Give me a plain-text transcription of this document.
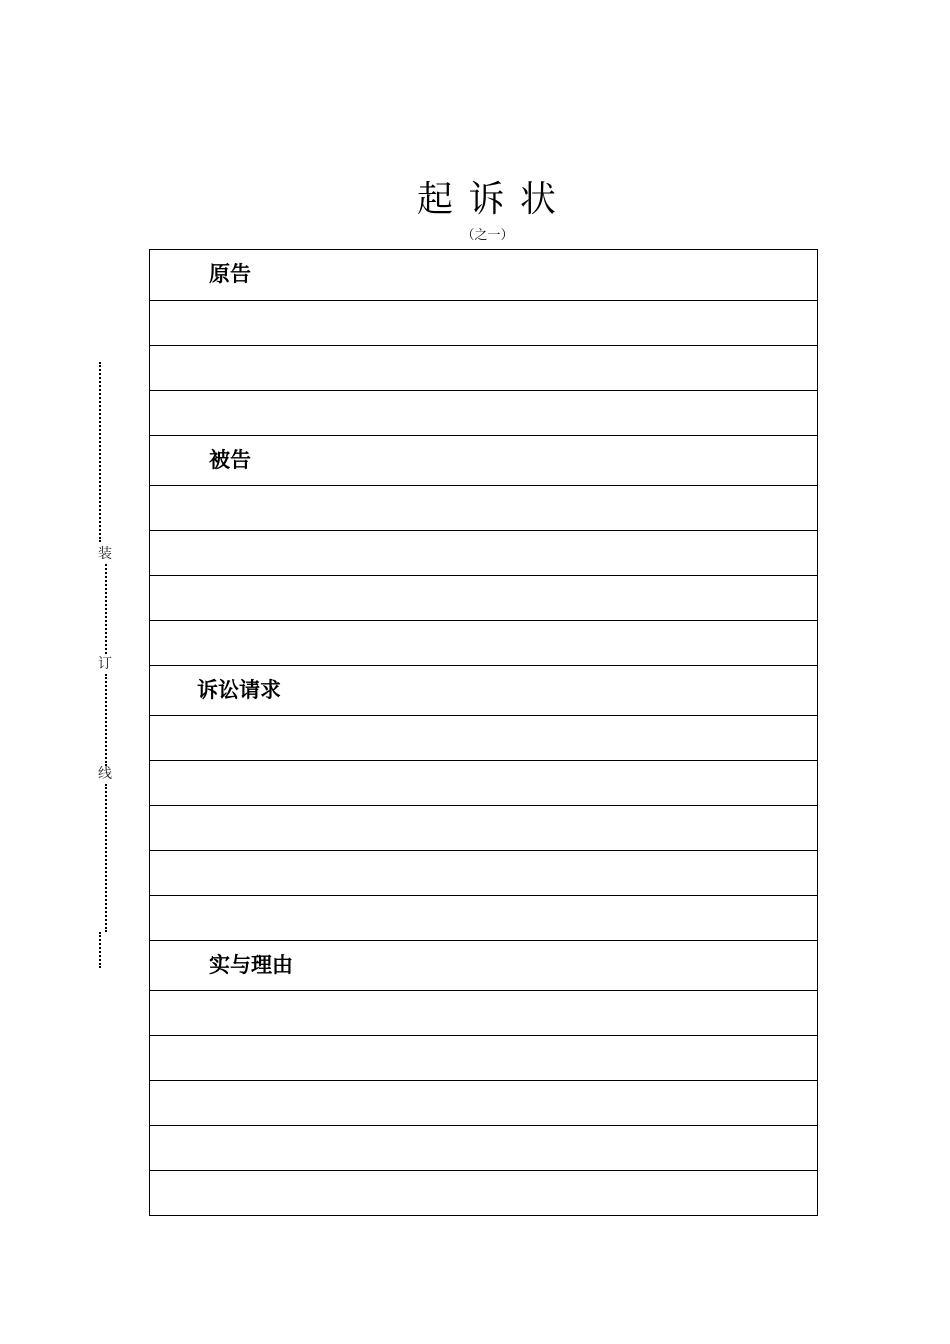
起 诉 状
（之一）
装
订
线
原告
被告
诉讼请求
实与理由
